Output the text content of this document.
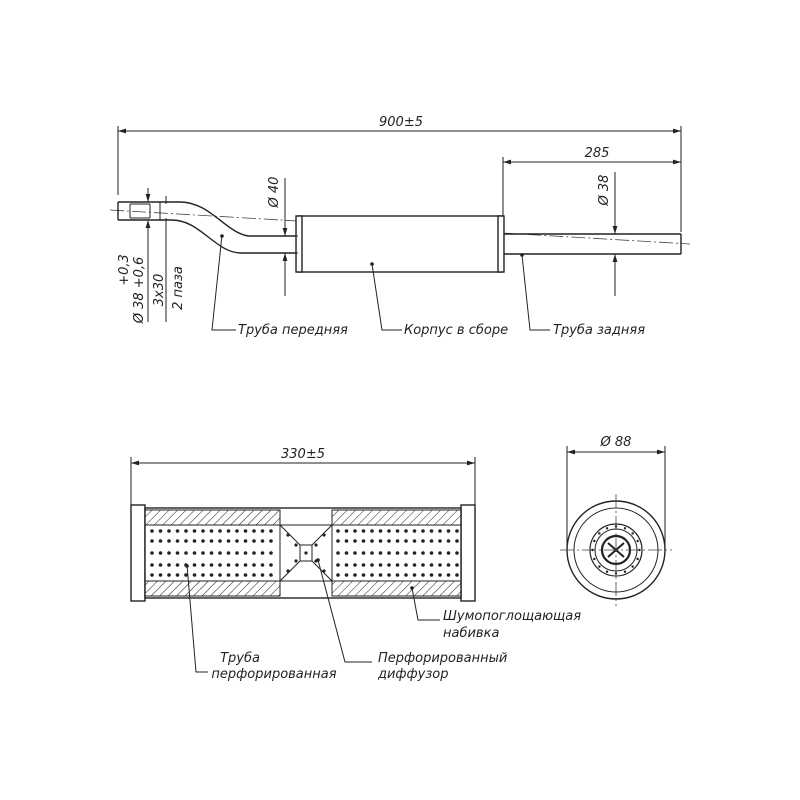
900±5
285
Ø 40	Ø 38
+0,3 Ø 38 +0,6 3x30 2 паза
Труба передняя	Корпус в сборе	Труба задняя
330±5
Труба
перфорированная
Перфорированный
диффузор
Шумопоглощающая
набивка
Ø 88
